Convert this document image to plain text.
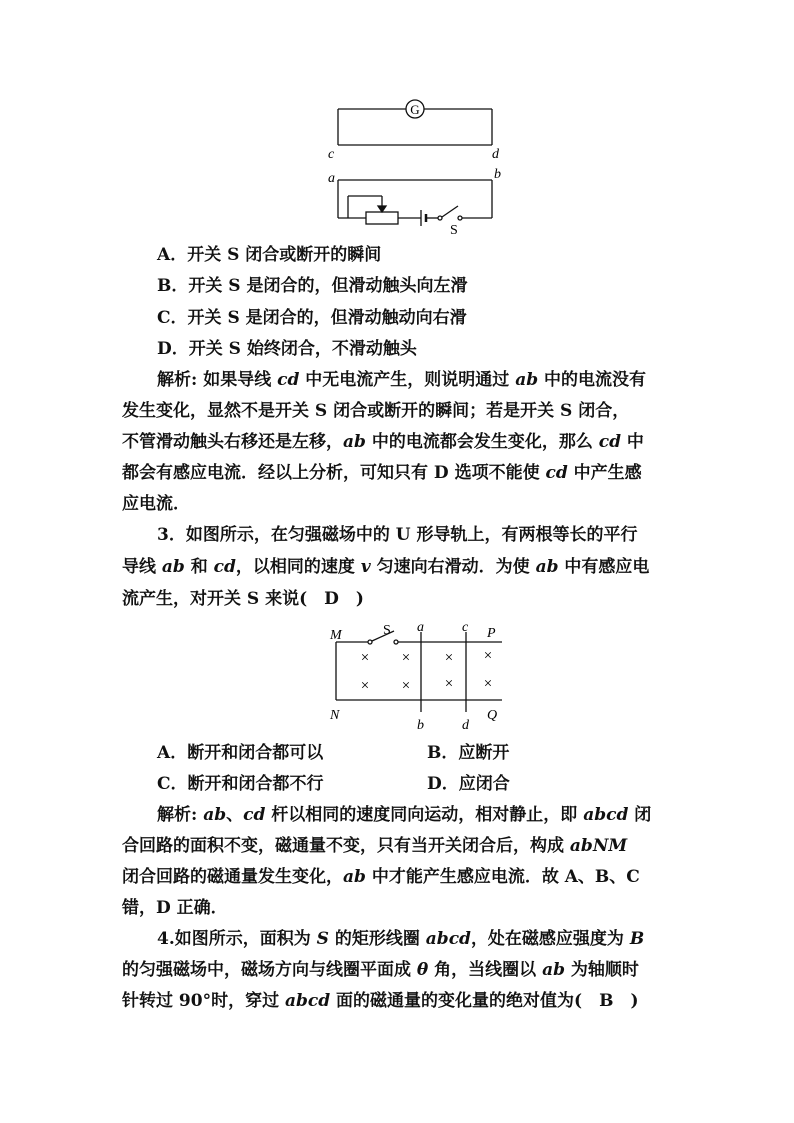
G
c	d
a	b
S
A．开关 S 闭合或断开的瞬间
B．开关 S 是闭合的，但滑动触头向左滑
C．开关 S 是闭合的，但滑动触动向右滑
D．开关 S 始终闭合，不滑动触头
解析: 如果导线 cd 中无电流产生，则说明通过 ab 中的电流没有
发生变化，显然不是开关 S 闭合或断开的瞬间；若是开关 S 闭合，
不管滑动触头右移还是左移，ab 中的电流都会发生变化，那么 cd 中
都会有感应电流．经以上分析，可知只有 D 选项不能使 cd 中产生感
应电流．
3．如图所示，在匀强磁场中的 U 形导轨上，有两根等长的平行
导线 ab 和 cd，以相同的速度 v 匀速向右滑动．为使 ab 中有感应电
流产生，对开关 S 来说(　D　)
× × × ×
× × × ×
M	S a	c P
N
b	d
Q
A．断开和闭合都可以	B．应断开
C．断开和闭合都不行	D．应闭合
解析: ab、cd 杆以相同的速度同向运动，相对静止，即 abcd 闭
合回路的面积不变，磁通量不变，只有当开关闭合后，构成 abNM
闭合回路的磁通量发生变化，ab 中才能产生感应电流．故 A、B、C
错，D 正确．
4.如图所示，面积为 S 的矩形线圈 abcd，处在磁感应强度为 B
的匀强磁场中，磁场方向与线圈平面成 θ 角，当线圈以 ab 为轴顺时
针转过 90°时，穿过 abcd 面的磁通量的变化量的绝对值为(　B　)
